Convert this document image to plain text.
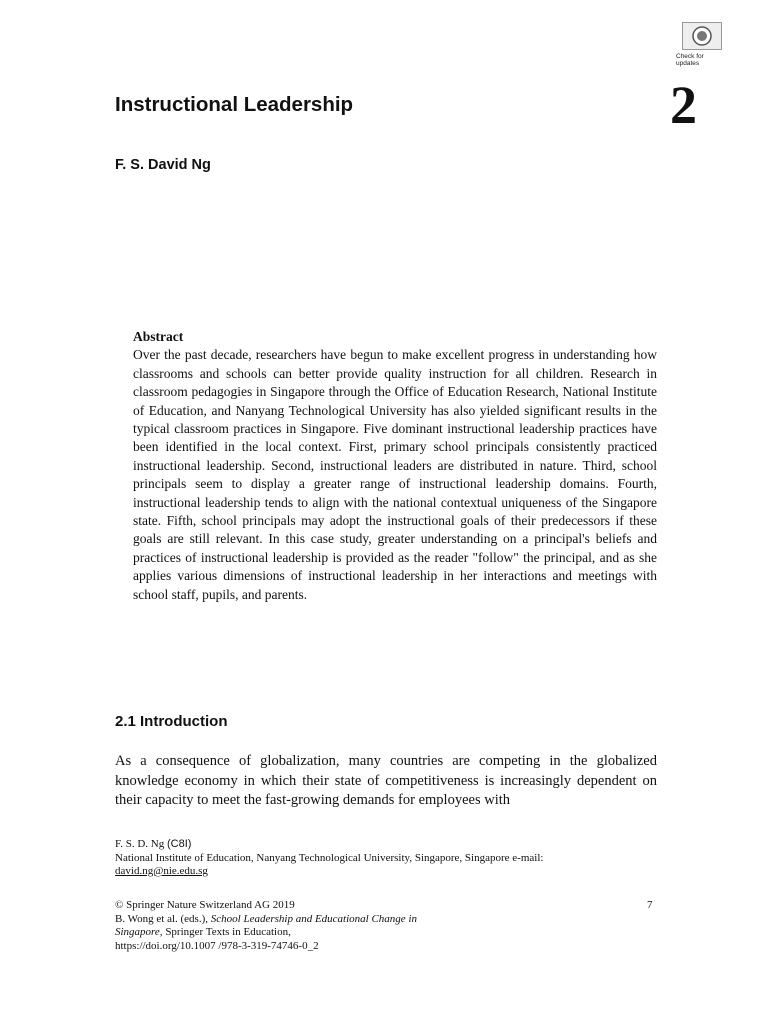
Check for updates
Instructional Leadership	2
F. S. David Ng
Abstract
Over the past decade, researchers have begun to make excellent progress in understanding how classrooms and schools can better provide quality instruction for all children. Research in classroom pedagogies in Singapore through the Office of Education Research, National Institute of Education, and Nanyang Technological University has also yielded significant results in the typical classroom practices in Singapore. Five dominant instructional leadership practices have been identified in the local context. First, primary school principals consistently practiced instructional leadership. Second, instructional leaders are distributed in nature. Third, school principals seem to display a greater range of instructional leadership domains. Fourth, instructional leadership tends to align with the national contextual uniqueness of the Singapore state. Fifth, school principals may adopt the instructional goals of their predecessors if these goals are still relevant. In this case study, greater understanding on a principal's beliefs and practices of instructional leadership is provided as the reader "follow" the principal, and as she applies various dimensions of instructional leadership in her interactions and meetings with school staff, pupils, and parents.
2.1 Introduction

As a consequence of globalization, many countries are competing in the globalized knowledge economy in which their state of competitiveness is increasingly dependent on their capacity to meet the fast-growing demands for employees with

F. S. D. Ng (C8I)
National Institute of Education, Nanyang Technological University, Singapore, Singapore e-mail: david.ng@nie.edu.sg
© Springer Nature Switzerland AG 2019
B. Wong et al. (eds.), School Leadership and Educational Change in
Singapore, Springer Texts in Education,
https://doi.org/10.1007 /978-3-319-74746-0_2
7
